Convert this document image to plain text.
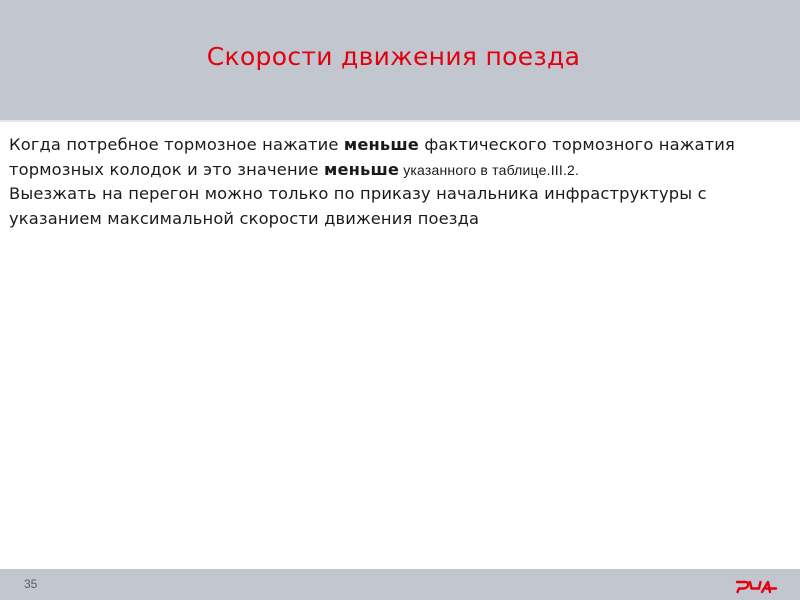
Скорости движения поезда

Когда потребное тормозное нажатие меньше фактического тормозного нажатия тормозных колодок и это значение меньше указанного в таблице.III.2.

Выезжать на перегон можно только по приказу начальника инфраструктуры с указанием максимальной скорости движения поезда

35
